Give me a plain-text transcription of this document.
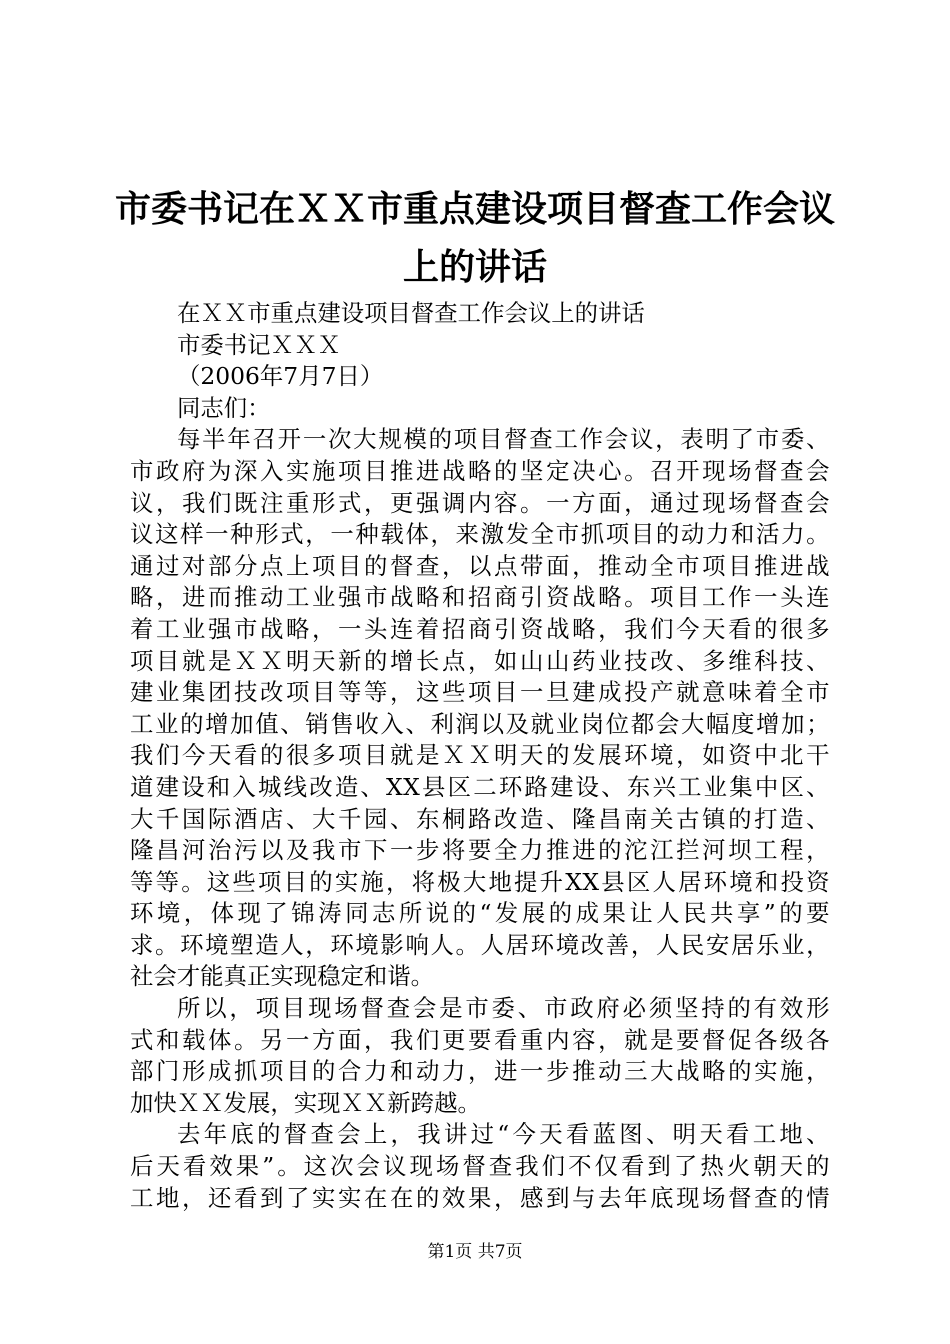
市委书记在ＸＸ市重点建设项目督查工作会议
上的讲话
在ＸＸ市重点建设项目督查工作会议上的讲话
市委书记ＸＸＸ
（2006年7月7日）
同志们：
每半年召开一次大规模的项目督查工作会议，表明了市委、
市政府为深入实施项目推进战略的坚定决心。召开现场督查会
议，我们既注重形式，更强调内容。一方面，通过现场督查会
议这样一种形式，一种载体，来激发全市抓项目的动力和活力。
通过对部分点上项目的督查，以点带面，推动全市项目推进战
略，进而推动工业强市战略和招商引资战略。项目工作一头连
着工业强市战略，一头连着招商引资战略，我们今天看的很多
项目就是ＸＸ明天新的增长点，如山山药业技改、多维科技、
建业集团技改项目等等，这些项目一旦建成投产就意味着全市
工业的增加值、销售收入、利润以及就业岗位都会大幅度增加；
我们今天看的很多项目就是ＸＸ明天的发展环境，如资中北干
道建设和入城线改造、XX县区二环路建设、东兴工业集中区、
大千国际酒店、大千园、东桐路改造、隆昌南关古镇的打造、
隆昌河治污以及我市下一步将要全力推进的沱江拦河坝工程，
等等。这些项目的实施，将极大地提升XX县区人居环境和投资
环境，体现了锦涛同志所说的“发展的成果让人民共享”的要
求。环境塑造人，环境影响人。人居环境改善，人民安居乐业，
社会才能真正实现稳定和谐。
所以，项目现场督查会是市委、市政府必须坚持的有效形
式和载体。另一方面，我们更要看重内容，就是要督促各级各
部门形成抓项目的合力和动力，进一步推动三大战略的实施，
加快ＸＸ发展，实现ＸＸ新跨越。
去年底的督查会上，我讲过“今天看蓝图、明天看工地、
后天看效果”。这次会议现场督查我们不仅看到了热火朝天的
工地，还看到了实实在在的效果，感到与去年底现场督查的情
第1页 共7页
